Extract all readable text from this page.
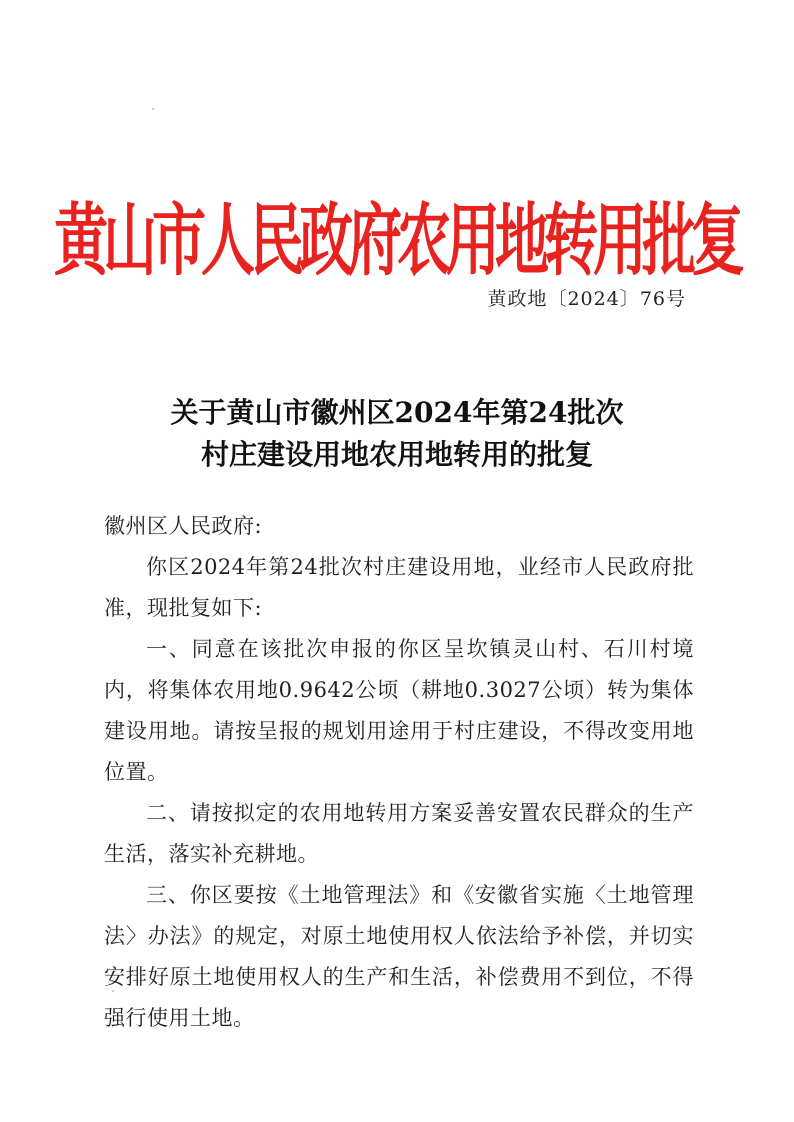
黄山市人民政府农用地转用批复
黄政地〔2024〕76号
关于黄山市徽州区2024年第24批次
村庄建设用地农用地转用的批复

徽州区人民政府:

你区2024年第24批次村庄建设用地，业经市人民政府批准，现批复如下:

一、同意在该批次申报的你区呈坎镇灵山村、石川村境内，将集体农用地0.9642公顷（耕地0.3027公顷）转为集体建设用地。请按呈报的规划用途用于村庄建设，不得改变用地位置。

二、请按拟定的农用地转用方案妥善安置农民群众的生产生活，落实补充耕地。

三、你区要按《土地管理法》和《安徽省实施〈土地管理法〉办法》的规定，对原土地使用权人依法给予补偿，并切实安排好原土地使用权人的生产和生活，补偿费用不到位，不得强行使用土地。
